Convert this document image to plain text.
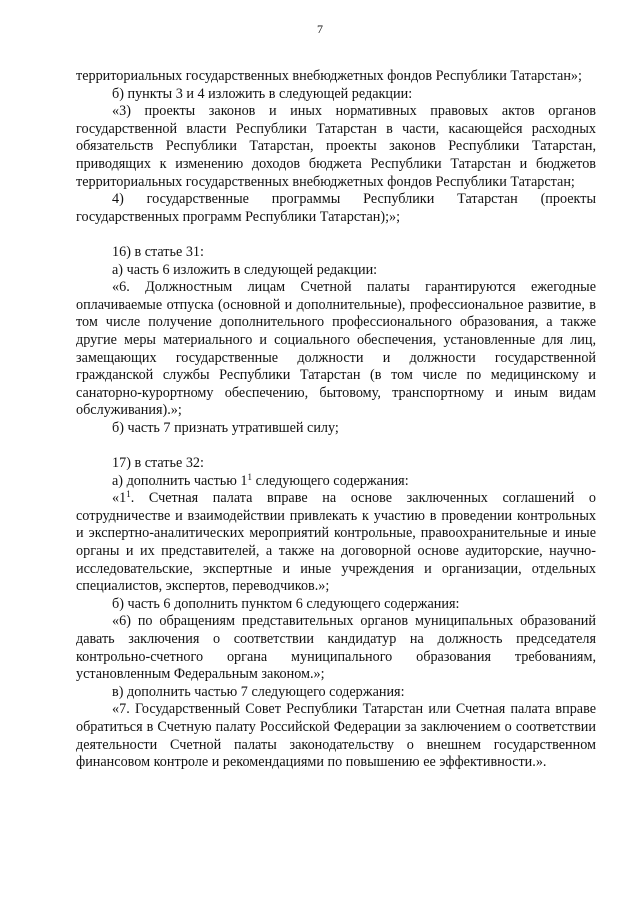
7

территориальных государственных внебюджетных фондов Республики Татарстан»;

б) пункты 3 и 4 изложить в следующей редакции:

«3) проекты законов и иных нормативных правовых актов органов государственной власти Республики Татарстан в части, касающейся расходных обязательств Республики Татарстан, проекты законов Республики Татарстан, приводящих к изменению доходов бюджета Республики Татарстан и бюджетов территориальных государственных внебюджетных фондов Республики Татарстан;

4) государственные программы Республики Татарстан (проекты государственных программ Республики Татарстан);»;

16) в статье 31:

а) часть 6 изложить в следующей редакции:

«6. Должностным лицам Счетной палаты гарантируются ежегодные оплачиваемые отпуска (основной и дополнительные), профессиональное развитие, в том числе получение дополнительного профессионального образования, а также другие меры материального и социального обеспечения, установленные для лиц, замещающих государственные должности и должности государственной гражданской службы Республики Татарстан (в том числе по медицинскому и санаторно-курортному обеспечению, бытовому, транспортному и иным видам обслуживания).»;

б) часть 7 признать утратившей силу;

17) в статье 32:

а) дополнить частью $1^1$ следующего содержания:

«$1^1$. Счетная палата вправе на основе заключенных соглашений о сотрудничестве и взаимодействии привлекать к участию в проведении контрольных и экспертно-аналитических мероприятий контрольные, правоохранительные и иные органы и их представителей, а также на договорной основе аудиторские, научно-исследовательские, экспертные и иные учреждения и организации, отдельных специалистов, экспертов, переводчиков.»;

б) часть 6 дополнить пунктом 6 следующего содержания:

«6) по обращениям представительных органов муниципальных образований давать заключения о соответствии кандидатур на должность председателя контрольно-счетного органа муниципального образования требованиям, установленным Федеральным законом.»;

в) дополнить частью 7 следующего содержания:

«7. Государственный Совет Республики Татарстан или Счетная палата вправе обратиться в Счетную палату Российской Федерации за заключением о соответствии деятельности Счетной палаты законодательству о внешнем государственном финансовом контроле и рекомендациями по повышению ее эффективности.».
